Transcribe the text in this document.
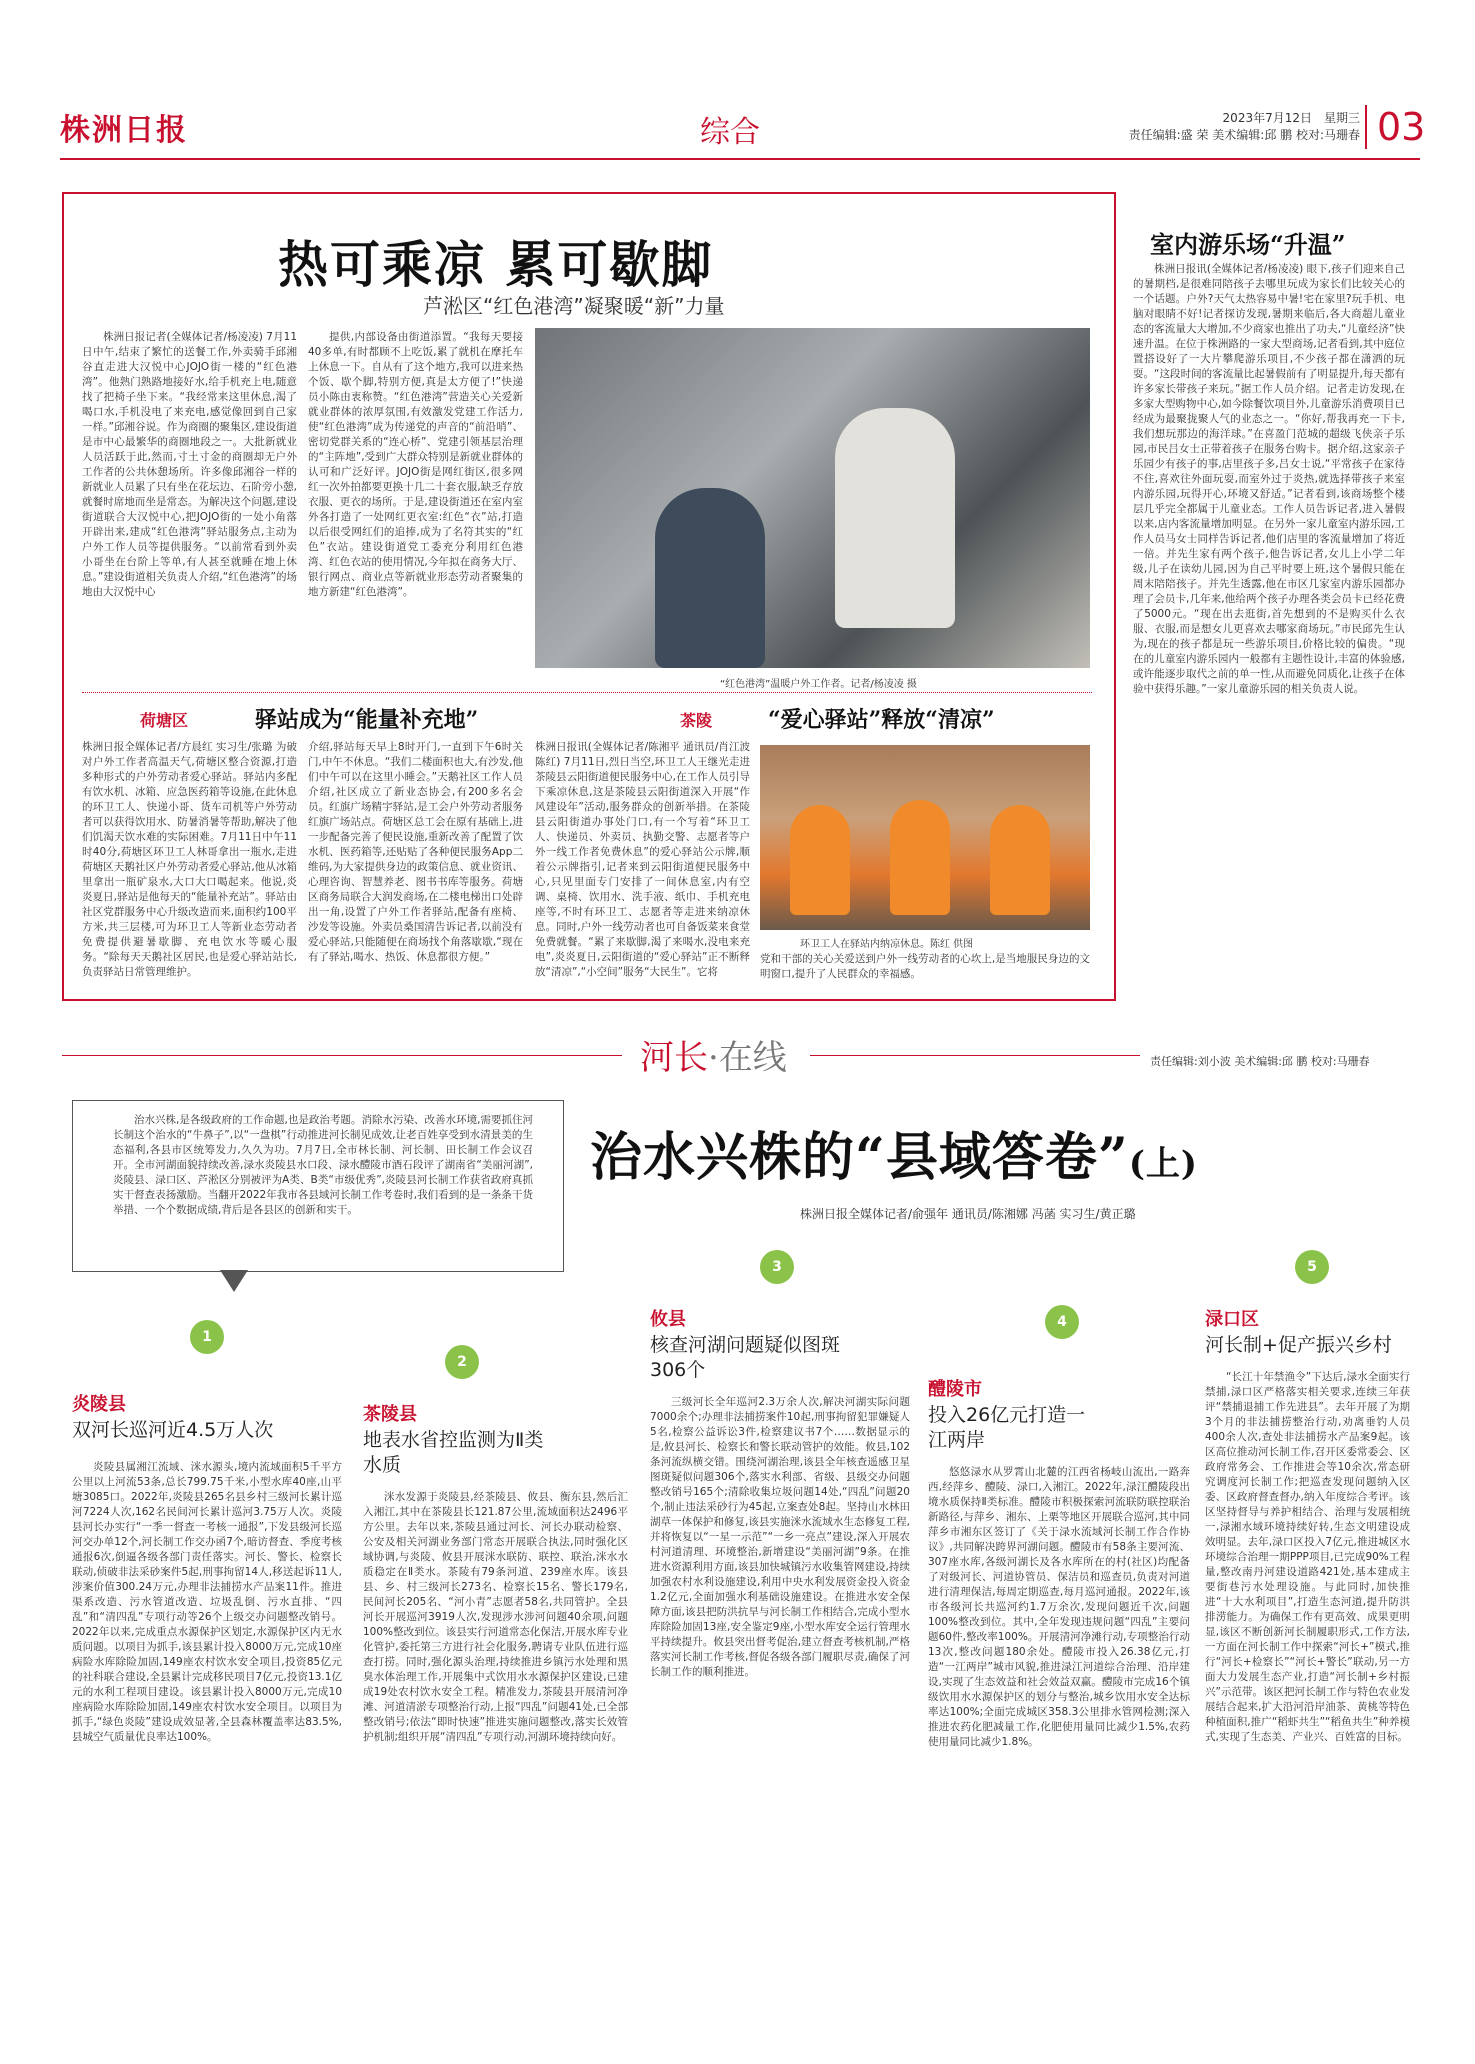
株洲日报	综合	2023年7月12日　星期三
责任编辑:盛 荣 美术编辑:邱 鹏 校对:马珊春 03
热可乘凉 累可歇脚
芦淞区“红色港湾”凝聚暖“新”力量
株洲日报记者(全媒体记者/杨凌凌) 7月11日中午,结束了繁忙的送餐工作,外卖骑手邱湘谷直走进大汉悦中心JOJO街一楼的“红色港湾”。他熟门熟路地接好水,给手机充上电,随意找了把椅子坐下来。“我经常来这里休息,渴了喝口水,手机没电了来充电,感觉像回到自己家一样。”邱湘谷说。作为商圈的聚集区,建设街道是市中心最繁华的商圈地段之一。大批新就业人员活跃于此,然而,寸土寸金的商圈却无户外工作者的公共休憩场所。许多像邱湘谷一样的新就业人员累了只有坐在花坛边、石阶旁小憩,就餐时席地而坐是常态。为解决这个问题,建设街道联合大汉悦中心,把JOJO街的一处小角落开辟出来,建成“红色港湾”驿站服务点,主动为户外工作人员等提供服务。“以前常看到外卖小哥坐在台阶上等单,有人甚至就睡在地上休息。”建设街道相关负责人介绍,“红色港湾”的场地由大汉悦中心
提供,内部设备由街道添置。“我每天要接40多单,有时都顾不上吃饭,累了就机在摩托车上休息一下。自从有了这个地方,我可以进来热个饭、歇个脚,特别方便,真是太方便了!”快递员小陈由衷称赞。“红色港湾”营造关心关爱新就业群体的浓厚氛围,有效激发党建工作活力,使“红色港湾”成为传递党的声音的“前沿哨”、密切党群关系的“连心桥”、党建引领基层治理的“主阵地”,受到广大群众特别是新就业群体的认可和广泛好评。JOJO街是网红街区,很多网红一次外拍都要更换十几二十套衣服,缺乏存放衣服、更衣的场所。于是,建设街道还在室内室外各打造了一处网红更衣室:红色“衣”站,打造以后很受网红们的追捧,成为了名符其实的“红色”衣站。建设街道党工委充分利用红色港湾、红色衣站的使用情况,今年拟在商务大厅、银行网点、商业点等新就业形态劳动者聚集的地方新建“红色港湾”。
“红色港湾”温暖户外工作者。记者/杨凌凌 摄
荷塘区	驿站成为“能量补充地”
株洲日报全媒体记者/方晨红 实习生/张璐 为破对户外工作者高温天气,荷塘区整合资源,打造多种形式的户外劳动者爱心驿站。驿站内多配有饮水机、冰箱、应急医药箱等设施,在此休息的环卫工人、快递小哥、货车司机等户外劳动者可以获得饮用水、防暑消暑等帮助,解决了他们饥渴天饮水难的实际困难。7月11日中午11时40分,荷塘区环卫工人林哥拿出一瓶水,走进荷塘区天鹅社区户外劳动者爱心驿站,他从冰箱里拿出一瓶矿泉水,大口大口喝起来。他说,炎炎夏日,驿站是他每天的“能量补充站”。驿站由社区党群服务中心升级改造而来,面积约100平方米,共三层楼,可为环卫工人等新业态劳动者免费提供避暑歇脚、充电饮水等暖心服务。“除每天天鹅社区居民,也是爱心驿站站长,负责驿站日常管理维护。
介绍,驿站每天早上8时开门,一直到下午6时关门,中午不休息。“我们二楼面积也大,有沙发,他们中午可以在这里小睡会。”天鹅社区工作人员介绍,社区成立了新业态协会,有200多名会员。红旗广场精宇驿站,是工会户外劳动者服务红旗广场站点。荷塘区总工会在原有基础上,进一步配备完善了便民设施,重新改善了配置了饮水机、医药箱等,还贴贴了各种便民服务App二维码,为大家提供身边的政策信息、就业资讯、心理咨询、智慧养老、图书书库等服务。荷塘区商务局联合大润发商场,在二楼电梯出口处辟出一角,设置了户外工作者驿站,配备有座椅、沙发等设施。外卖员桑国清告诉记者,以前没有爱心驿站,只能随便在商场找个角落歇歇,“现在有了驿站,喝水、热饭、休息都很方便。”
茶陵	“爱心驿站”释放“清凉”
株洲日报讯(全媒体记者/陈湘平 通讯员/肖江波 陈红) 7月11日,烈日当空,环卫工人王继光走进茶陵县云阳街道便民服务中心,在工作人员引导下乘凉休息,这是茶陵县云阳街道深入开展“作风建设年”活动,服务群众的创新举措。在茶陵县云阳街道办事处门口,有一个写着“环卫工人、快递员、外卖员、执勤交警、志愿者等户外一线工作者免费休息”的爱心驿站公示牌,顺着公示牌指引,记者来到云阳街道便民服务中心,只见里面专门安排了一间休息室,内有空调、桌椅、饮用水、洗手液、纸巾、手机充电座等,不时有环卫工、志愿者等走进来纳凉休息。同时,户外一线劳动者也可自备饭菜来食堂免费就餐。“累了来歇脚,渴了来喝水,没电来充电”,炎炎夏日,云阳街道的“爱心驿站”正不断释放“清凉”,“小空间”服务“大民生”。它将
环卫工人在驿站内纳凉休息。陈红 供图
党和干部的关心关爱送到户外一线劳动者的心坎上,是当地服民身边的文明窗口,提升了人民群众的幸福感。
室内游乐场“升温”
株洲日报讯(全媒体记者/杨凌凌) 眼下,孩子们迎来自己的暑期档,是很难同陪孩子去哪里玩成为家长们比较关心的一个话题。户外?天气太热容易中暑!宅在家里?玩手机、电脑对眼睛不好!记者探访发现,暑期来临后,各大商超儿童业态的客流量大大增加,不少商家也推出了功夫,“儿童经济”快速升温。在位于株洲路的一家大型商场,记者看到,其中庭位置搭设好了一大片攀爬游乐项目,不少孩子都在潇洒的玩耍。“这段时间的客流量比起暑假前有了明显提升,每天都有许多家长带孩子来玩。”据工作人员介绍。记者走访发现,在多家大型购物中心,如今除餐饮项目外,儿童游乐消费项目已经成为最聚拢聚人气的业态之一。“你好,帮我再充一下卡,我们想玩那边的海洋球。”在喜盈门范城的超级飞侠亲子乐园,市民吕女士正带着孩子在服务台购卡。据介绍,这家亲子乐园少有孩子的事,店里孩子多,吕女士说,“平常孩子在家待不住,喜欢往外面玩耍,而室外过于炎热,就选择带孩子来室内游乐园,玩得开心,环境又舒适。”记者看到,该商场整个楼层几乎完全都属于儿童业态。工作人员告诉记者,进入暑假以来,店内客流量增加明显。在另外一家儿童室内游乐园,工作人员马女士同样告诉记者,他们店里的客流量增加了将近一倍。并先生家有两个孩子,他告诉记者,女儿上小学二年级,儿子在读幼儿园,因为自己平时要上班,这个暑假只能在周末陪陪孩子。并先生透露,他在市区几家室内游乐园都办理了会员卡,几年来,他给两个孩子办理各类会员卡已经花费了5000元。“现在出去逛街,首先想到的不是购买什么衣服、衣服,而是想女儿更喜欢去哪家商场玩。”市民邱先生认为,现在的孩子都是玩一些游乐项目,价格比较的偏贵。“现在的儿童室内游乐园内一般都有主题性设计,丰富的体验感,或许能逐步取代之前的单一性,从而避免同质化,让孩子在体验中获得乐趣。”一家儿童游乐园的相关负责人说。
河长·在线	责任编辑:刘小波 美术编辑:邱 鹏 校对:马珊春
治水兴株,是各级政府的工作命题,也是政治考题。消除水污染、改善水环境,需要抓住河长制这个治水的“牛鼻子”,以“一盘棋”行动推进河长制见成效,让老百姓享受到水清景美的生态福利,各县市区统筹发力,久久为功。7月7日,全市林长制、河长制、田长制工作会议召开。全市河湖面貌持续改善,渌水炎陵县水口段、渌水醴陵市酒石段评了湖南省“美丽河湖”,炎陵县、渌口区、芦淞区分别被评为A类、B类“市级优秀”,炎陵县河长制工作获省政府真抓实干督查表扬激励。当翻开2022年我市各县域河长制工作考卷时,我们看到的是一条条干货举措、一个个数据成绩,背后是各县区的创新和实干。
治水兴株的“县域答卷”(上)
株洲日报全媒体记者/俞强年 通讯员/陈湘娜 冯菡 实习生/黄正璐
1
炎陵县
双河长巡河近4.5万人次
炎陵县属湘江流域、洣水源头,境内流域面积5千平方公里以上河流53条,总长799.75千米,小型水库40座,山平塘3085口。2022年,炎陵县265名县乡村三级河长累计巡河7224人次,162名民间河长累计巡河3.75万人次。炎陵县河长办实行“一季一督查一考核一通报”,下发县级河长巡河交办单12个,河长制工作交办函7个,暗访督查、季度考核通报6次,倒逼各级各部门责任落实。河长、警长、检察长联动,侦破非法采砂案件5起,刑事拘留14人,移送起诉11人,涉案价值300.24万元,办理非法捕捞水产品案11件。推进渠系改造、污水管道改造、垃圾乱倒、污水直排、“四乱”和“清四乱”专项行动等26个上级交办问题整改销号。2022年以来,完成重点水源保护区划定,水源保护区内无水质问题。以项目为抓手,该县累计投入8000万元,完成10座病险水库除险加固,149座农村饮水安全项目,投资85亿元的社科联合建设,全县累计完成移民项目7亿元,投资13.1亿元的水利工程项目建设。该县累计投入8000万元,完成10座病险水库除险加固,149座农村饮水安全项目。以项目为抓手,“绿色炎陵”建设成效显著,全县森林覆盖率达83.5%,县城空气质量优良率达100%。
2
茶陵县
地表水省控监测为Ⅱ类水质
洣水发源于炎陵县,经茶陵县、攸县、衡东县,然后汇入湘江,其中在茶陵县长121.87公里,流域面积达2496平方公里。去年以来,茶陵县通过河长、河长办联动检察、公安及相关河湖业务部门常态开展联合执法,同时强化区域协调,与炎陵、攸县开展洣水联防、联控、联治,洣水水质稳定在Ⅱ类水。茶陵有79条河道、239座水库。该县县、乡、村三级河长273名、检察长15名、警长179名,民间河长205名、“河小青”志愿者58名,共同管护。全县河长开展巡河3919人次,发现涉水涉河问题40余项,问题100%整改到位。该县实行河道常态化保洁,开展水库专业化管护,委托第三方进行社会化服务,聘请专业队伍进行巡查打捞。同时,强化源头治理,持续推进乡镇污水处理和黑臭水体治理工作,开展集中式饮用水水源保护区建设,已建成19处农村饮水安全工程。精准发力,茶陵县开展清河净滩、河道清淤专项整治行动,上报“四乱”问题41处,已全部整改销号;依法“即时快速”推进实施问题整改,落实长效管护机制;组织开展“清四乱”专项行动,河湖环境持续向好。
3
攸县
核查河湖问题疑似图斑306个
三级河长全年巡河2.3万余人次,解决河湖实际问题7000余个;办理非法捕捞案件10起,刑事拘留犯罪嫌疑人5名,检察公益诉讼3件,检察建议书7个……数据显示的是,攸县河长、检察长和警长联动管护的效能。攸县,102条河流纵横交错。围绕河湖治理,该县全年核查遥感卫星图斑疑似问题306个,落实水利部、省级、县级交办问题整改销号165个;清除收集垃圾问题14处,“四乱”问题20个,制止违法采砂行为45起,立案查处8起。坚持山水林田湖草一体保护和修复,该县实施洣水流域水生态修复工程,并将恢复以“一星一示范”“一乡一亮点”建设,深入开展农村河道清理、环境整治,新增建设“美丽河湖”9条。在推进水资源利用方面,该县加快城镇污水收集管网建设,持续加强农村水利设施建设,利用中央水利发展资金投入资金1.2亿元,全面加强水利基础设施建设。在推进水安全保障方面,该县把防洪抗旱与河长制工作相结合,完成小型水库除险加固13座,安全鉴定9座,小型水库安全运行管理水平持续提升。攸县突出督考促治,建立督查考核机制,严格落实河长制工作考核,督促各级各部门履职尽责,确保了河长制工作的顺利推进。
4
醴陵市
投入26亿元打造一江两岸
悠悠渌水从罗霄山北麓的江西省杨岐山流出,一路奔西,经萍乡、醴陵、渌口,入湘江。2022年,渌江醴陵段出境水质保持Ⅱ类标准。醴陵市积极探索河流联防联控联治新路径,与萍乡、湘东、上栗等地区开展联合巡河,其中同萍乡市湘东区签订了《关于渌水流域河长制工作合作协议》,共同解决跨界河湖问题。醴陵市有58条主要河流、307座水库,各级河湖长及各水库所在的村(社区)均配备了对级河长、河道协管员、保洁员和巡查员,负责对河道进行清理保洁,每周定期巡查,每月巡河通报。2022年,该市各级河长共巡河约1.7万余次,发现问题近千次,问题100%整改到位。其中,全年发现违规问题“四乱”主要问题60件,整改率100%。开展清河净滩行动,专项整治行动13次,整改问题180余处。醴陵市投入26.38亿元,打造“一江两岸”城市风貌,推进渌江河道综合治理、沿岸建设,实现了生态效益和社会效益双赢。醴陵市完成16个镇级饮用水水源保护区的划分与整治,城乡饮用水安全达标率达100%;全面完成城区358.3公里排水管网检测;深入推进农药化肥减量工作,化肥使用量同比减少1.5%,农药使用量同比减少1.8%。
5
渌口区
河长制+促产振兴乡村
“长江十年禁渔令”下达后,渌水全面实行禁捕,渌口区严格落实相关要求,连续三年获评“禁捕退捕工作先进县”。去年开展了为期3个月的非法捕捞整治行动,劝离垂钓人员400余人次,查处非法捕捞水产品案9起。该区高位推动河长制工作,召开区委常委会、区政府常务会、工作推进会等10余次,常态研究调度河长制工作;把巡查发现问题纳入区委、区政府督查督办,纳入年度综合考评。该区坚持督导与养护相结合、治理与发展相统一,渌湘水域环境持续好转,生态文明建设成效明显。去年,渌口区投入7亿元,推进城区水环境综合治理一期PPP项目,已完成90%工程量,整改南丹河建设道路421处,基本建成主要街巷污水处理设施。与此同时,加快推进“十大水利项目”,打造生态河道,提升防洪排涝能力。为确保工作有更高效、成果更明显,该区不断创新河长制履职形式,工作方法,一方面在河长制工作中探索“河长+”模式,推行“河长+检察长”“河长+警长”联动,另一方面大力发展生态产业,打造“河长制+乡村振兴”示范带。该区把河长制工作与特色农业发展结合起来,扩大沿河沿岸油茶、黄桃等特色种植面积,推广“稻虾共生”“稻鱼共生”种养模式,实现了生态美、产业兴、百姓富的目标。
